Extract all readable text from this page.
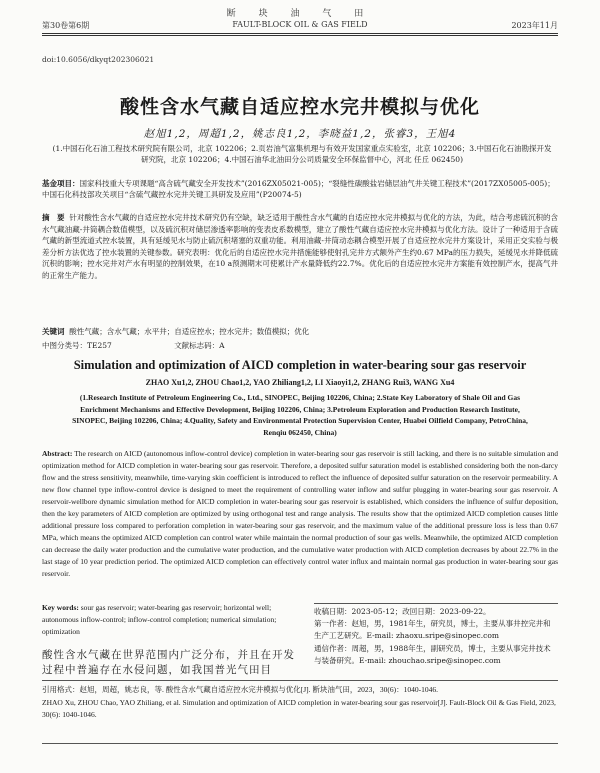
断 块 油 气 田
第30卷第6期	FAULT-BLOCK OIL & GAS FIELD	2023年11月
doi:10.6056/dkyqt202306021
酸性含水气藏自适应控水完井模拟与优化
赵旭1,2，周超1,2，姚志良1,2，李晓益1,2，张睿3，王旭4
(1.中国石化石油工程技术研究院有限公司，北京 102206；2.页岩油气富集机理与有效开发国家重点实验室，北京 102206；3.中国石化石油勘探开发研究院，北京 102206；4.中国石油华北油田分公司质量安全环保监督中心，河北 任丘 062450)
基金项目：国家科技重大专项课题“高含硫气藏安全开发技术”(2016ZX05021-005)；“裂缝性碳酸盐岩储层油气井关键工程技术”(2017ZX05005-005)；中国石化科技部攻关项目“含硫气藏控水完井关键工具研发及应用”(P20074-5)
摘　要 针对酸性含水气藏的自适应控水完井技术研究仍有空缺，缺乏适用于酸性含水气藏的自适应控水完井模拟与优化的方法，为此，结合考虑硫沉积的含水气藏油藏-井筒耦合数值模型，以及硫沉积对储层渗透率影响的变表皮系数模型，建立了酸性气藏自适应控水完井模拟与优化方法。设计了一种适用于含硫气藏的新型流道式控水装置，具有延缓见水与防止硫沉积堵塞的双重功能。利用油藏-井筒动态耦合模型开展了自适应控水完井方案设计，采用正交实验与极差分析方法优选了控水装置的关键参数。研究表明：优化后的自适应控水完井措施能够使射孔完井方式额外产生约0.67 MPa的压力损失，延缓见水并降低硫沉积的影响；控水完井对产水有明显的控制效果，在10 a预测期末可使累计产水量降低约22.7%。优化后的自适应控水完井方案能有效控制产水，提高气井的正常生产能力。
关键词 酸性气藏；含水气藏；水平井；自适应控水；控水完井；数值模拟；优化
中图分类号：TE257	文献标志码：A
Simulation and optimization of AICD completion in water-bearing sour gas reservoir
ZHAO Xu1,2, ZHOU Chao1,2, YAO Zhiliang1,2, LI Xiaoyi1,2, ZHANG Rui3, WANG Xu4
(1.Research Institute of Petroleum Engineering Co., Ltd., SINOPEC, Beijing 102206, China; 2.State Key Laboratory of Shale Oil and Gas Enrichment Mechanisms and Effective Development, Beijing 102206, China; 3.Petroleum Exploration and Production Research Institute, SINOPEC, Beijing 102206, China; 4.Quality, Safety and Environmental Protection Supervision Center, Huabei Oilfield Company, PetroChina, Renqiu 062450, China)
Abstract: The research on AICD (autonomous inflow-control device) completion in water-bearing sour gas reservoir is still lacking, and there is no suitable simulation and optimization method for AICD completion in water-bearing sour gas reservoir. Therefore, a deposited sulfur saturation model is established considering both the non-darcy flow and the stress sensitivity, meanwhile, time-varying skin coefficient is introduced to reflect the influence of deposited sulfur saturation on the reservoir permeability. A new flow channel type inflow-control device is designed to meet the requirement of controlling water inflow and sulfur plugging in water-bearing sour gas reservoir. A reservoir-wellbore dynamic simulation method for AICD completion in water-bearing sour gas reservoir is established, which considers the influence of sulfur deposition, then the key parameters of AICD completion are optimized by using orthogonal test and range analysis. The results show that the optimized AICD completion causes little additional pressure loss compared to perforation completion in water-bearing sour gas reservoir, and the maximum value of the additional pressure loss is less than 0.67 MPa, which means the optimized AICD completion can control water while maintain the normal production of sour gas wells. Meanwhile, the optimized AICD completion can decrease the daily water production and the cumulative water production, and the cumulative water production with AICD completion decreases by about 22.7% in the last stage of 10 year prediction period. The optimized AICD completion can effectively control water influx and maintain normal gas production in water-bearing sour gas reservoir.
Key words: sour gas reservoir; water-bearing gas reservoir; horizontal well; autonomous inflow-control; inflow-control completion; numerical simulation; optimization
收稿日期：2023-05-12；改回日期：2023-09-22。
第一作者：赵旭，男，1981年生，研究员，博士，主要从事井控完井和生产工艺研究。E-mail: zhaoxu.sripe@sinopec.com
通信作者：周超，男，1988年生，副研究员，博士，主要从事完井技术与装备研究。E-mail: zhouchao.sripe@sinopec.com
酸性含水气藏在世界范围内广泛分布，并且在开发过程中普遍存在水侵问题，如我国普光气田目
引用格式：赵旭，周超，姚志良，等. 酸性含水气藏自适应控水完井模拟与优化[J]. 断块油气田，2023，30(6)：1040-1046.
ZHAO Xu, ZHOU Chao, YAO Zhiliang, et al. Simulation and optimization of AICD completion in water-bearing sour gas reservoir[J]. Fault-Block Oil & Gas Field, 2023, 30(6): 1040-1046.
